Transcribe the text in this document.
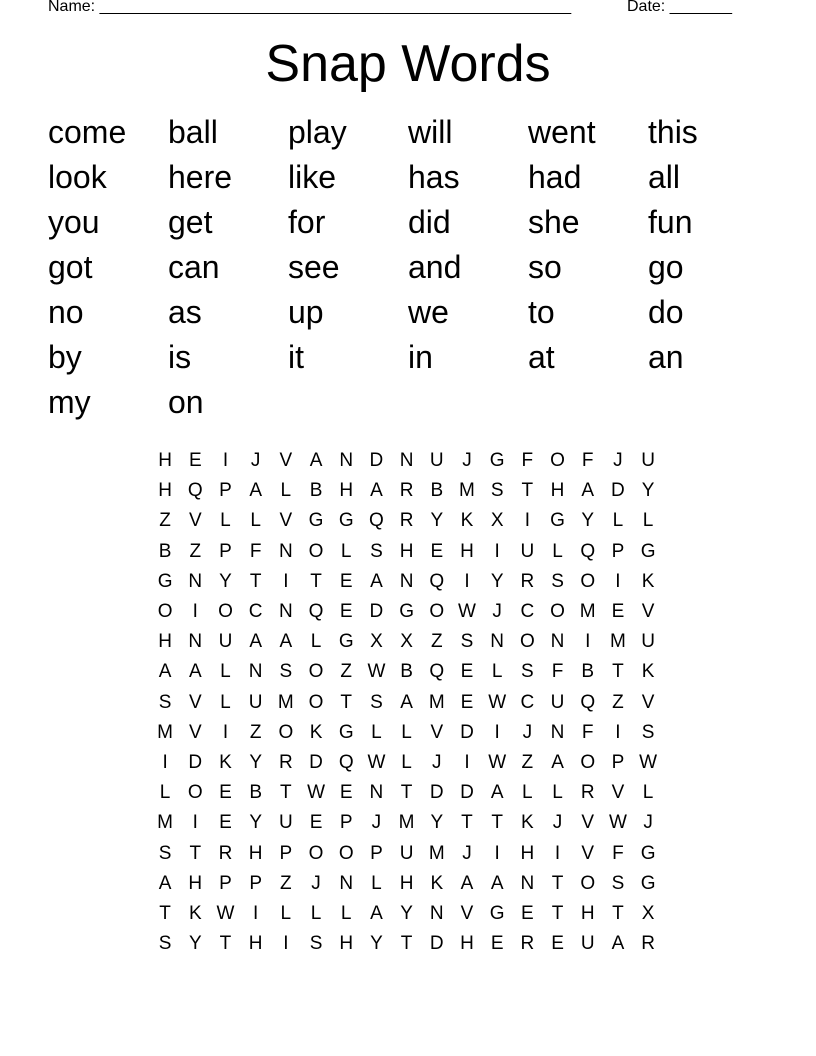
Name: _____________________________________________________	Date: _______
Snap Words
come	ball	play	will	went	this
look	here	like	has	had	all
you	get	for	did	she	fun
got	can	see	and	so	go
no	as	up	we	to	do
by	is	it	in	at	an
my	on
H E	I	J	V A N D N U J G F O F	J U
H Q P A L B H A R B M S T H A D Y
Z V L	L V G G Q R Y K X	I	G Y L	L
B Z P F N O L S H E H	I	U L Q P G
G N Y T	I	T E A N Q	I	Y R S O	I	K
O	I	O C N Q E D G O W J C O M E V
H N U A A L G X X Z S N O N	I	M U
A A L N S O Z W B Q E L S F B T K
S V L U M O T S A M E W C U Q Z V
M V	I	Z O K G L	L V D	I	J N F	I	S
I	D K Y R D Q W L	J	I W Z A O P W
L O E B T W E N T D D A L	L R V L
M	I	E Y U E P	J M Y T T K	J	V W J
S T R H P O O P U M J	I	H	I	V F G
A H P P Z	J N L H K A A N T O S G
T K W I	L	L	L A Y N V G E T H T X
S Y T H	I	S H Y T D H E R E U A R
